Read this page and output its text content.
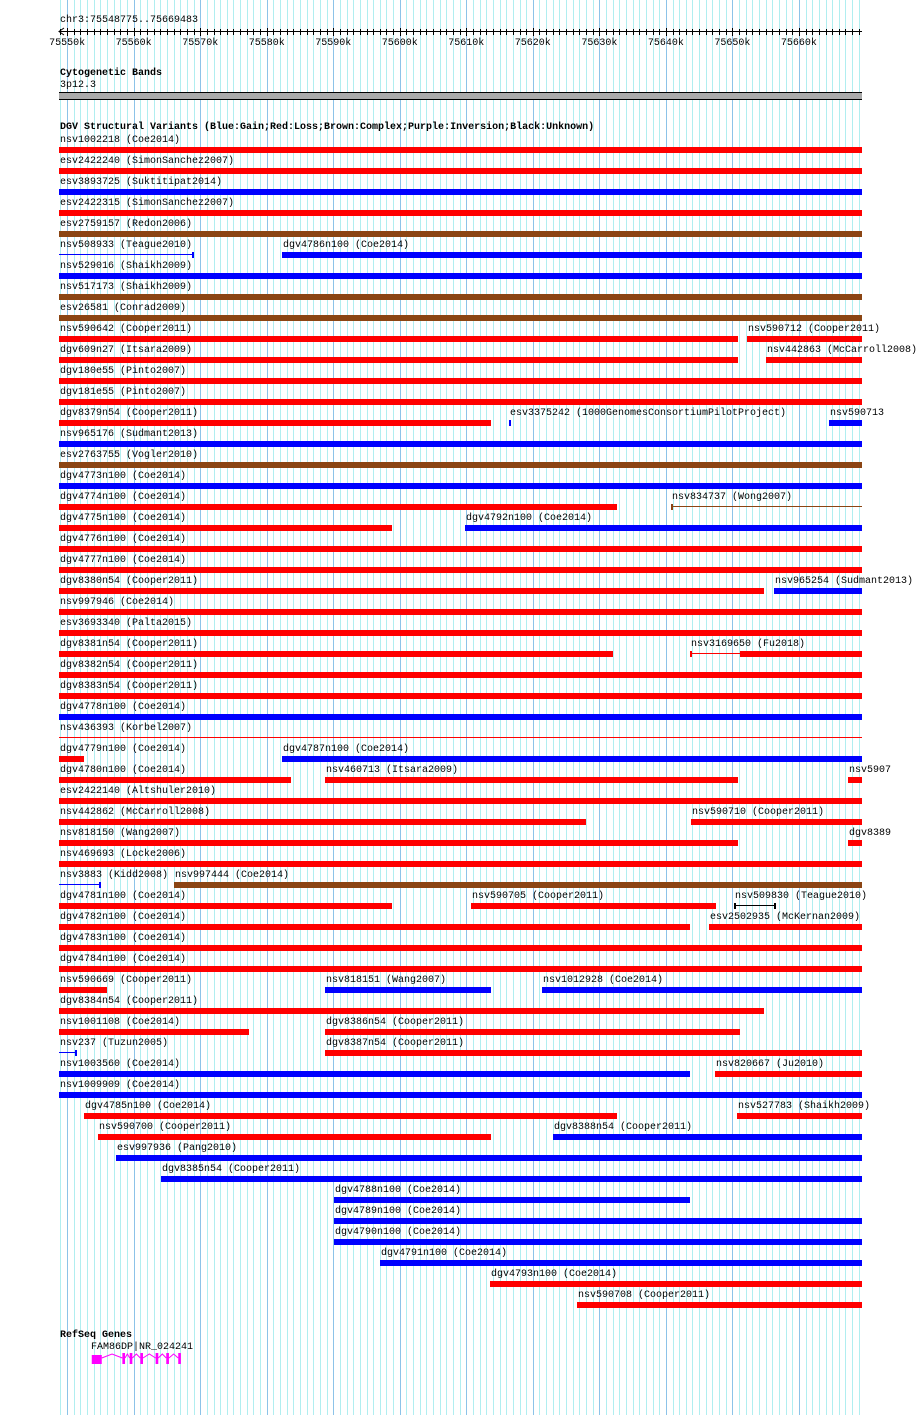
chr3:75548775..75669483
75550k	75560k	75570k	75580k	75590k	75600k	75610k	75620k	75630k	75640k	75650k	75660k
Cytogenetic Bands
3p12.3
DGV Structural Variants (Blue:Gain;Red:Loss;Brown:Complex;Purple:Inversion;Black:Unknown)
nsv1002218 (Coe2014)
esv2422240 (SimonSanchez2007)
esv3893725 (Suktitipat2014)
esv2422315 (SimonSanchez2007)
esv2759157 (Redon2006)
nsv508933 (Teague2010)	dgv4786n100 (Coe2014)
nsv529016 (Shaikh2009)
nsv517173 (Shaikh2009)
esv26581 (Conrad2009)
nsv590642 (Cooper2011)	nsv590712 (Cooper2011)
dgv609n27 (Itsara2009)	nsv442863 (McCarroll2008)
dgv180e55 (Pinto2007)
dgv181e55 (Pinto2007)
dgv8379n54 (Cooper2011)	esv3375242 (1000GenomesConsortiumPilotProject)	nsv590713
nsv965176 (Sudmant2013)
esv2763755 (Vogler2010)
dgv4773n100 (Coe2014)
dgv4774n100 (Coe2014)	nsv834737 (Wong2007)
dgv4775n100 (Coe2014)	dgv4792n100 (Coe2014)
dgv4776n100 (Coe2014)
dgv4777n100 (Coe2014)
dgv8380n54 (Cooper2011)	nsv965254 (Sudmant2013)
nsv997946 (Coe2014)
esv3693340 (Palta2015)
dgv8381n54 (Cooper2011)	nsv3169650 (Fu2018)
dgv8382n54 (Cooper2011)
dgv8383n54 (Cooper2011)
dgv4778n100 (Coe2014)
nsv436393 (Korbel2007)
dgv4779n100 (Coe2014)	dgv4787n100 (Coe2014)
dgv4780n100 (Coe2014)	nsv460713 (Itsara2009)	nsv5907
esv2422140 (Altshuler2010)
nsv442862 (McCarroll2008)	nsv590710 (Cooper2011)
nsv818150 (Wang2007)	dgv8389
nsv469693 (Locke2006)
nsv3883 (Kidd2008) nsv997444 (Coe2014)
dgv4781n100 (Coe2014)	nsv590705 (Cooper2011)	nsv509830 (Teague2010)
dgv4782n100 (Coe2014)	esv2502935 (McKernan2009)
dgv4783n100 (Coe2014)
dgv4784n100 (Coe2014)
nsv590669 (Cooper2011)	nsv818151 (Wang2007)	nsv1012928 (Coe2014)
dgv8384n54 (Cooper2011)
nsv1001108 (Coe2014)	dgv8386n54 (Cooper2011)
nsv237 (Tuzun2005)	dgv8387n54 (Cooper2011)
nsv1003560 (Coe2014)	nsv820667 (Ju2010)
nsv1009909 (Coe2014)
dgv4785n100 (Coe2014)	nsv527783 (Shaikh2009)
nsv590700 (Cooper2011)	dgv8388n54 (Cooper2011)
esv997936 (Pang2010)
dgv8385n54 (Cooper2011)
dgv4788n100 (Coe2014)
dgv4789n100 (Coe2014)
dgv4790n100 (Coe2014)
dgv4791n100 (Coe2014)
dgv4793n100 (Coe2014)
nsv590708 (Cooper2011)
RefSeq Genes
FAM86DP|NR_024241
